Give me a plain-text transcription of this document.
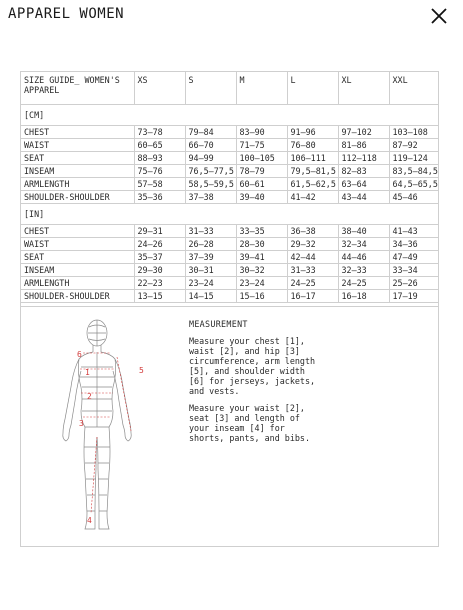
APPAREL WOMEN
SIZE GUIDE_ WOMEN'S APPAREL	XS	S	M	L	XL	XXL
[CM]						
CHEST	73–78	79–84	83–90	91–96	97–102	103–108
WAIST	60–65	66–70	71–75	76–80	81–86	87–92
SEAT	88–93	94–99	100–105	106–111	112–118	119–124
INSEAM	75–76	76,5–77,5	78–79	79,5–81,5	82–83	83,5–84,5
ARMLENGTH	57–58	58,5–59,5	60–61	61,5–62,5	63–64	64,5–65,5
SHOULDER-SHOULDER	35–36	37–38	39–40	41–42	43–44	45–46
[IN]						
CHEST	29–31	31–33	33–35	36–38	38–40	41–43
WAIST	24–26	26–28	28–30	29–32	32–34	34–36
SEAT	35–37	37–39	39–41	42–44	44–46	47–49
INSEAM	29–30	30–31	30–32	31–33	32–33	33–34
ARMLENGTH	22–23	23–24	23–24	24–25	24–25	25–26
SHOULDER-SHOULDER	13–15	14–15	15–16	16–17	16–18	17–19
1
2
3
4
5
6
MEASUREMENT

Measure your chest [1], waist [2], and hip [3] circumference, arm length [5], and shoulder width [6] for jerseys, jackets, and vests.

Measure your waist [2], seat [3] and length of your inseam [4] for shorts, pants, and bibs.
